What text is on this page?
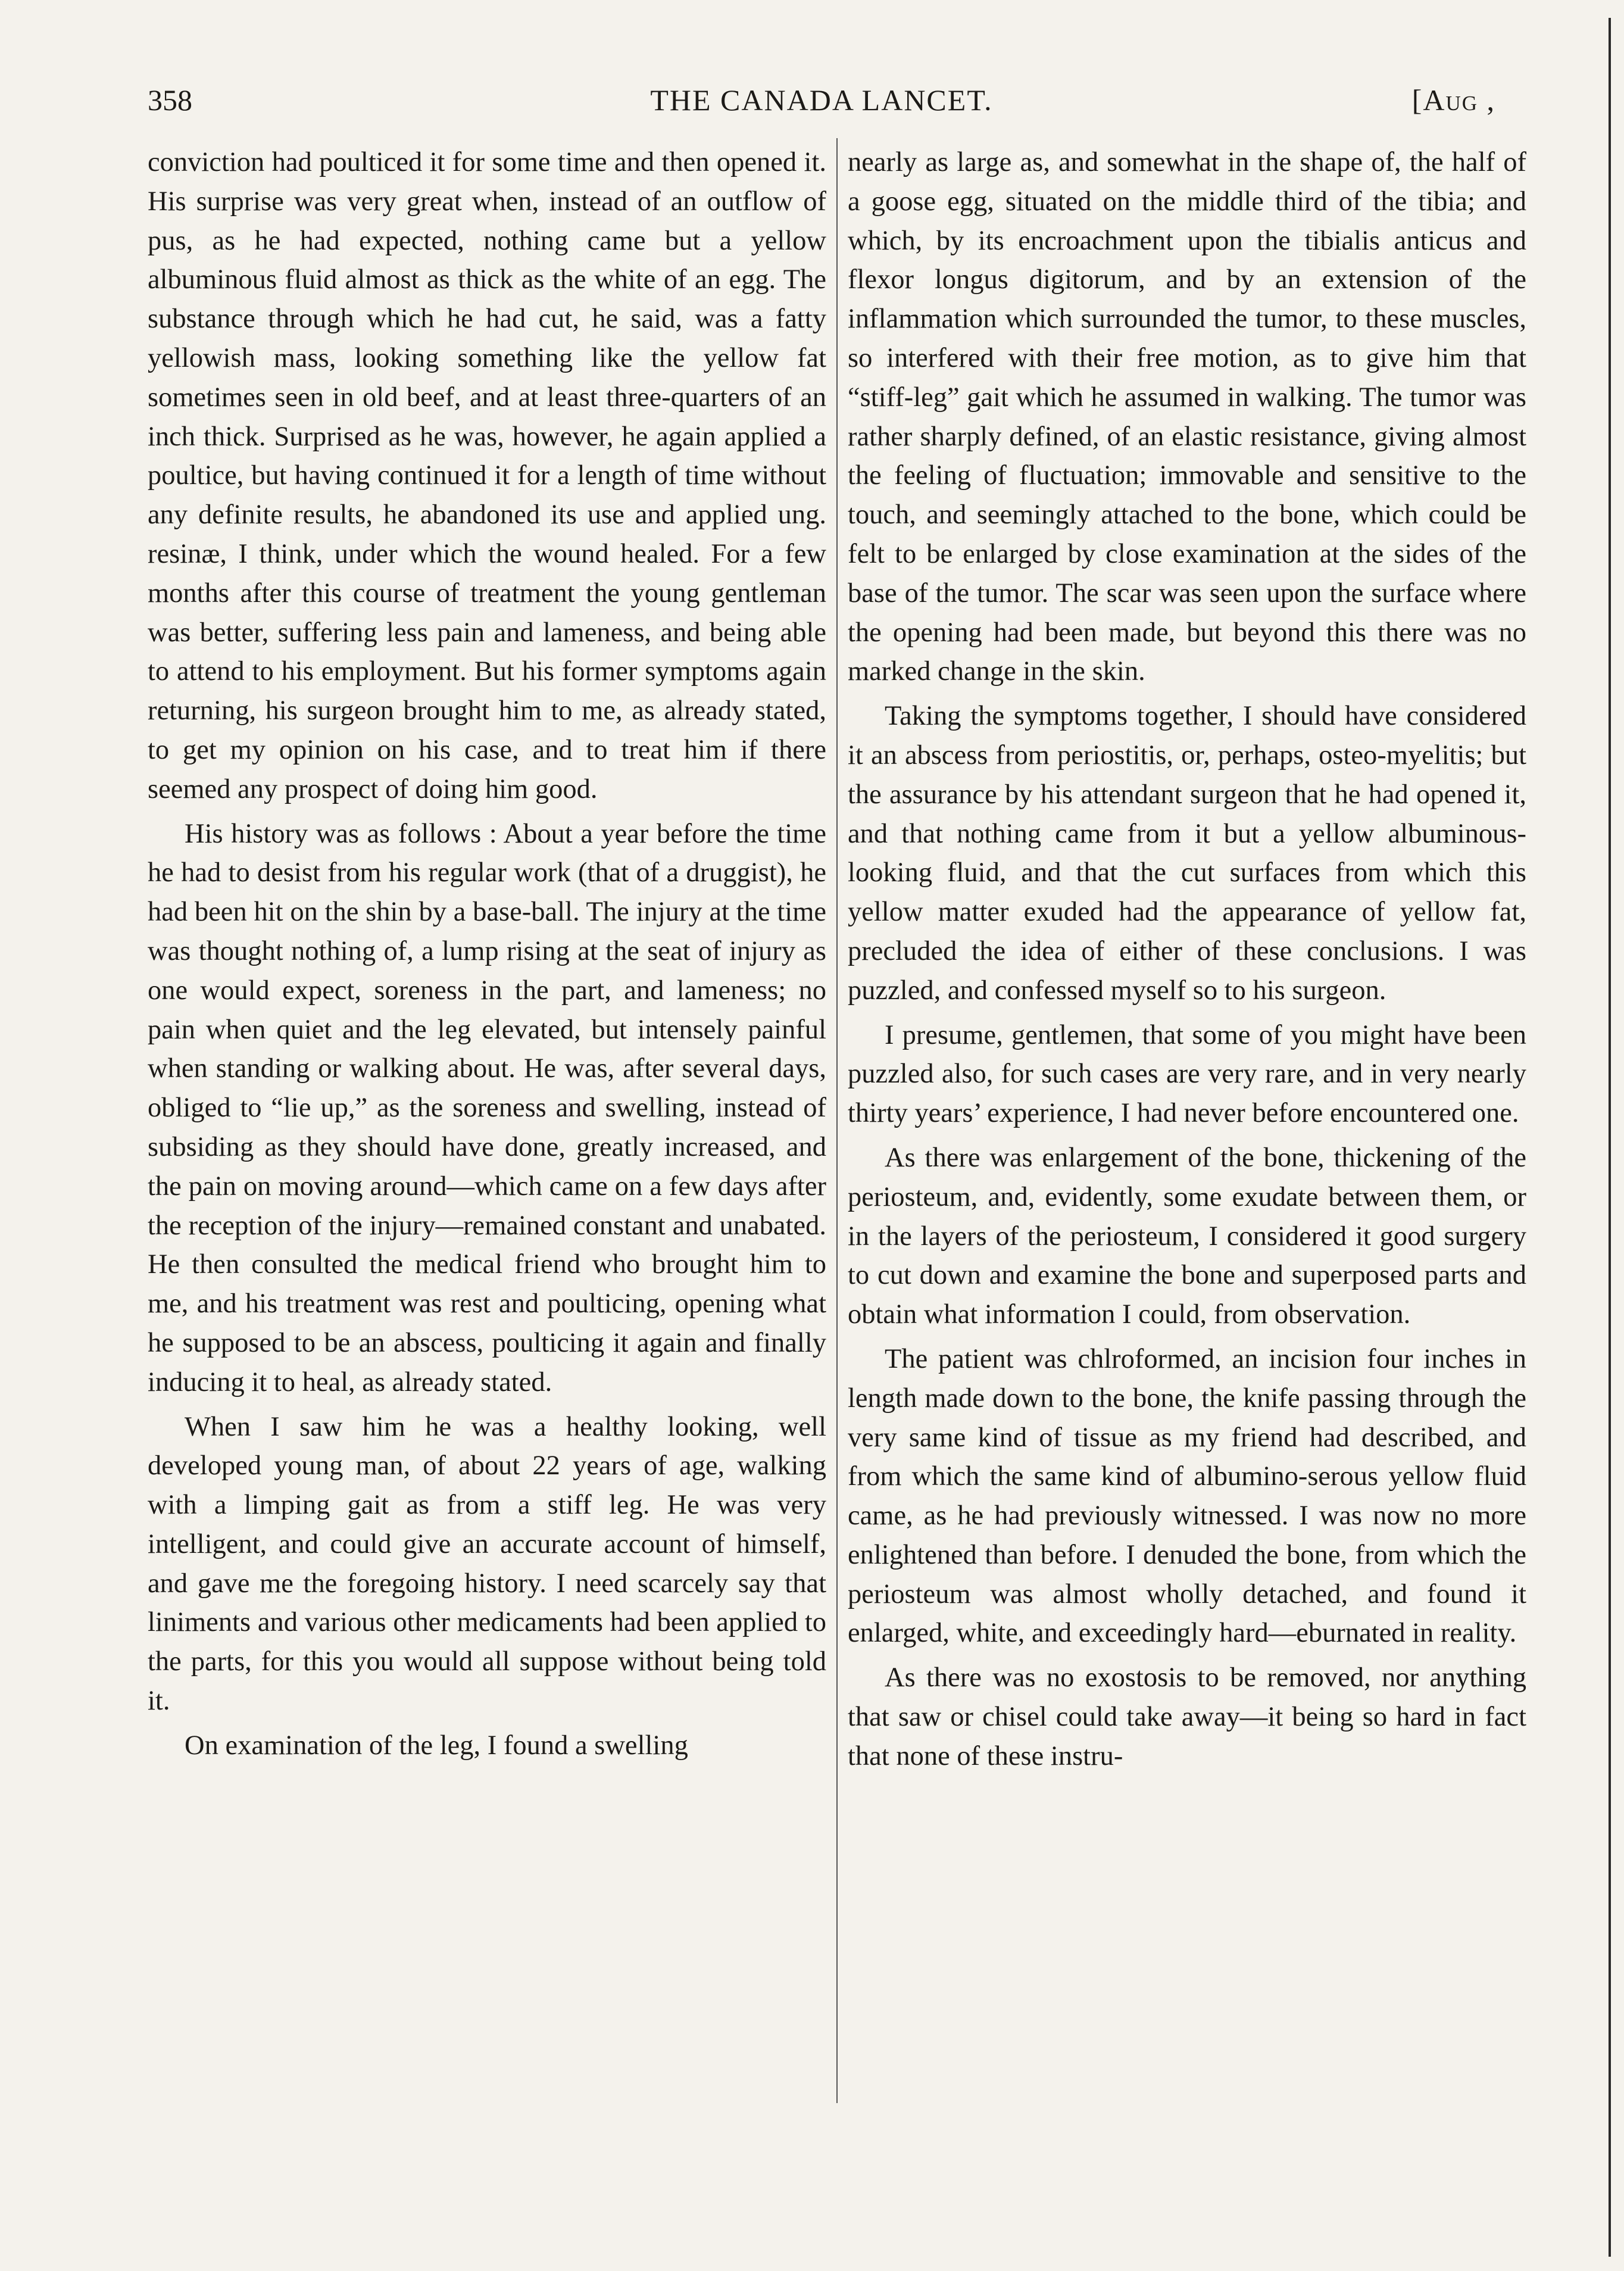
358	THE CANADA LANCET.	[Aug ,

conviction had poulticed it for some time and then opened it. His surprise was very great when, instead of an outflow of pus, as he had expected, nothing came but a yellow albuminous fluid almost as thick as the white of an egg. The substance through which he had cut, he said, was a fatty yellowish mass, looking something like the yellow fat sometimes seen in old beef, and at least three-quarters of an inch thick. Surprised as he was, however, he again applied a poultice, but having continued it for a length of time without any definite results, he abandoned its use and applied ung. resinæ, I think, under which the wound healed. For a few months after this course of treatment the young gentleman was better, suffering less pain and lameness, and being able to attend to his employment. But his former symptoms again returning, his surgeon brought him to me, as already stated, to get my opinion on his case, and to treat him if there seemed any prospect of doing him good.

His history was as follows : About a year before the time he had to desist from his regular work (that of a druggist), he had been hit on the shin by a base-ball. The injury at the time was thought nothing of, a lump rising at the seat of injury as one would expect, soreness in the part, and lameness; no pain when quiet and the leg elevated, but intensely painful when standing or walking about. He was, after several days, obliged to “lie up,” as the soreness and swelling, instead of subsiding as they should have done, greatly increased, and the pain on moving around—which came on a few days after the reception of the injury—remained constant and unabated. He then consulted the medical friend who brought him to me, and his treatment was rest and poulticing, opening what he supposed to be an abscess, poulticing it again and finally inducing it to heal, as already stated.

When I saw him he was a healthy looking, well developed young man, of about 22 years of age, walking with a limping gait as from a stiff leg. He was very intelligent, and could give an accurate account of himself, and gave me the foregoing history. I need scarcely say that liniments and various other medicaments had been applied to the parts, for this you would all suppose without being told it.

On examination of the leg, I found a swelling

nearly as large as, and somewhat in the shape of, the half of a goose egg, situated on the middle third of the tibia; and which, by its encroachment upon the tibialis anticus and flexor longus digitorum, and by an extension of the inflammation which surrounded the tumor, to these muscles, so interfered with their free motion, as to give him that “stiff-leg” gait which he assumed in walking. The tumor was rather sharply defined, of an elastic resistance, giving almost the feeling of fluctuation; immovable and sensitive to the touch, and seemingly attached to the bone, which could be felt to be enlarged by close examination at the sides of the base of the tumor. The scar was seen upon the surface where the opening had been made, but beyond this there was no marked change in the skin.

Taking the symptoms together, I should have considered it an abscess from periostitis, or, perhaps, osteo-myelitis; but the assurance by his attendant surgeon that he had opened it, and that nothing came from it but a yellow albuminous-looking fluid, and that the cut surfaces from which this yellow matter exuded had the appearance of yellow fat, precluded the idea of either of these conclusions. I was puzzled, and confessed myself so to his surgeon.

I presume, gentlemen, that some of you might have been puzzled also, for such cases are very rare, and in very nearly thirty years’ experience, I had never before encountered one.

As there was enlargement of the bone, thickening of the periosteum, and, evidently, some exudate between them, or in the layers of the periosteum, I considered it good surgery to cut down and examine the bone and superposed parts and obtain what information I could, from observation.

The patient was chlroformed, an incision four inches in length made down to the bone, the knife passing through the very same kind of tissue as my friend had described, and from which the same kind of albumino-serous yellow fluid came, as he had previously witnessed. I was now no more enlightened than before. I denuded the bone, from which the periosteum was almost wholly detached, and found it enlarged, white, and exceedingly hard—eburnated in reality.

As there was no exostosis to be removed, nor anything that saw or chisel could take away—it being so hard in fact that none of these instru-
